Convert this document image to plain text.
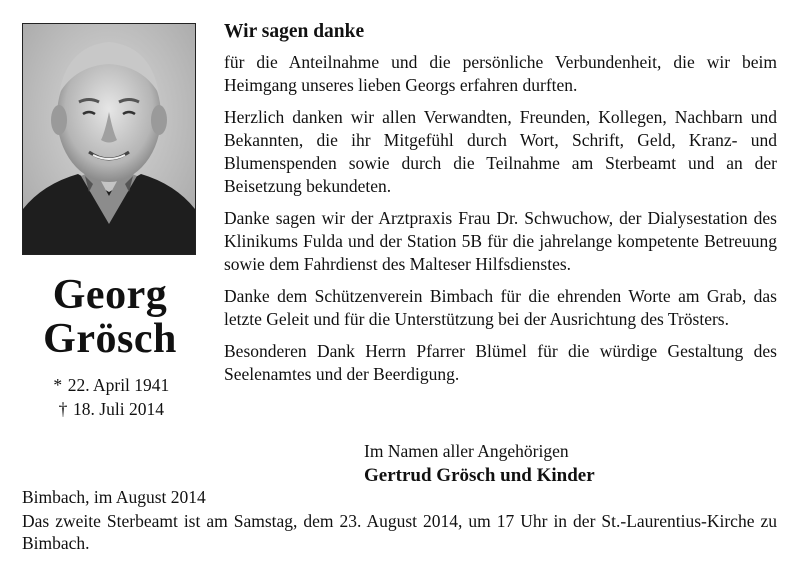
Georg
Grösch
* 22. April 1941
† 18. Juli 2014
Wir sagen danke
für die Anteilnahme und die persönliche Verbundenheit, die wir beim Heimgang unseres lieben Georgs erfahren durften.
Herzlich danken wir allen Verwandten, Freunden, Kollegen, Nachbarn und Bekannten, die ihr Mitgefühl durch Wort, Schrift, Geld, Kranz- und Blumenspenden sowie durch die Teilnahme am Sterbeamt und an der Beisetzung bekundeten.
Danke sagen wir der Arztpraxis Frau Dr. Schwuchow, der Dialysestation des Klinikums Fulda und der Station 5B für die jahrelange kompetente Betreuung sowie dem Fahrdienst des Malteser Hilfsdienstes.
Danke dem Schützenverein Bimbach für die ehrenden Worte am Grab, das letzte Geleit und für die Unterstützung bei der Ausrichtung des Trösters.
Besonderen Dank Herrn Pfarrer Blümel für die würdige Gestaltung des Seelenamtes und der Beerdigung.
Im Namen aller Angehörigen
Gertrud Grösch und Kinder
Bimbach, im August 2014
Das zweite Sterbeamt ist am Samstag, dem 23. August 2014, um 17 Uhr in der St.-Laurentius-Kirche zu Bimbach.
